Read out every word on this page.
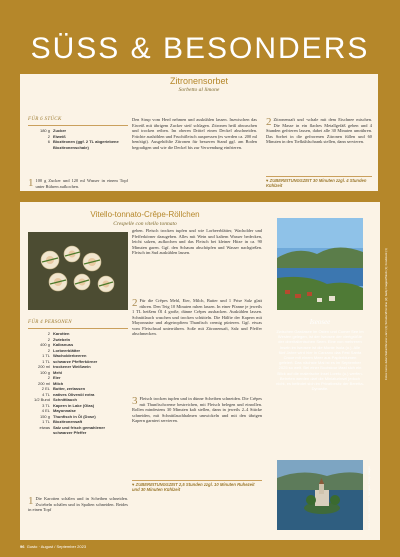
SÜSS & BESONDERS
Zitronensorbet
Sorbetto al limone
FÜR 6 STÜCK
180 g Zucker
2 Eiweiß
6 Biozitronen (ggf. 2 TL abgeriebene Biozitronenschale)
1 100 g Zucker und 120 ml Wasser in einem Topf unter Rühren aufkochen.
Den Sirup vom Herd nehmen und auskühlen lassen. Inzwischen das Eiweiß mit übrigem Zucker steif schlagen. Zitronen heiß abwaschen und trocken reiben. Im oberen Drittel einen Deckel abschneiden. Früchte aushöhlen und Fruchtfleisch auspressen (es werden ca. 200 ml benötigt). Ausgehöhlte Zitronen für besseren Stand ggf. am Boden begradigen und wie die Deckel bis zur Verwendung einfrieren.
2 Zitronensaft und -schale mit dem Eischnee mischen. Die Masse in ein flaches Metallgefäß geben und 4 Stunden gefrieren lassen, dabei alle 30 Minuten umrühren. Das Sorbet in die gefrorenen Zitronen füllen und 60 Minuten in den Tiefkühlschrank stellen, dann servieren.
♥ ZUBEREITUNGSZEIT 30 Minuten zzgl. 4 Stunden Kühlzeit
Vitello-tonnato-Crêpe-Röllchen
Crespelle con vitello tonnato
FÜR 4 PERSONEN
2 Karotten
2 Zwiebeln
400 g Kalbsnuss
2 Lorbeerblätter
1 TL Wacholderbeeren
1 TL schwarze Pfefferkörner
200 ml trockener Weißwein
100 g Mehl
2 Eier
200 ml Milch
2 EL Butter, zerlassen
4 TL natives Olivenöl extra
1/2 Bund Schnittlauch
3 TL Kapern in Lake (Glas)
4 EL Mayonnaise
150 g Thunfisch in Öl (Dose)
1 TL Biozitronensaft
etwas Salz und frisch gemahlener schwarzer Pfeffer
1 Die Karotten schälen und in Scheiben schneiden. Zwiebeln schälen und in Spalten schneiden. Beides in einen Topf
geben. Fleisch trocken tupfen und wie Lorbeerblätter, Wacholder und Pfefferkörner dazugeben. Alles mit Wein und kaltem Wasser bedecken, leicht salzen, aufkochen und das Fleisch bei kleiner Hitze in ca. 90 Minuten garen. Ggf. den Schaum abschöpfen und Wasser nachgießen. Fleisch im Sud auskühlen lassen.
2 Für die Crêpes Mehl, Eier, Milch, Butter und 1 Prise Salz glatt rühren. Den Teig 10 Minuten ruhen lassen. In einer Pfanne je jeweils 1 TL heißem Öl 4 große, dünne Crêpes ausbacken. Auskühlen lassen. Schnittlauch waschen und trocken schütteln. Die Hälfte der Kapern mit Mayonnaise und abgetropftem Thunfisch cremig pürieren. Ggf. etwas vom Fleischsud unterrühren. Soße mit Zitronensaft, Salz und Pfeffer abschmecken.
3 Fleisch trocken tupfen und in dünne Scheiben schneiden. Die Crêpes mit Thunfischcreme bestreichen, mit Fleisch belegen und einrollen. Rollen mindestens 30 Minuten kalt stellen, dann in jeweils 2–4 Stücke schneiden, mit Schnittlauchhalmen umwickeln und mit den übrigen Kapern garniert servieren.
♥ ZUBEREITUNGSZEIT 2,5 Stunden zzgl. 10 Minuten Ruhezeit und 30 Minuten Kühlzeit
Iseosee
Zwischen Gardasee im Osten und Comer See im Westen gelegen, ist der Iseosee der viertgrößte der oberitalienischen Seen. Eine von mehreren Inseln im Iseosee ist die Monte Isola (o.). Alle fünf Jahre wird hier in Carzano das Fest Santa Croce mit einem Meer aus Papierblumen gefeiert. Das nächste Mal ist es im September 2025 so weit. Bei einer Bootstour lässt sich ein Blick auf die malerische Insel Loreto (u.) werfen. Betreten werden darf die Miniaturinsel jedoch nicht, es befindet sich im Privatbesitz der Beretta-Dynastie.
Fotos: kemo Julian Siebert/Gruner+Jahr (4); Schubert/F1online (2); Getty Images/iStock (1); Foodstock (1)
Fotos: Loreto Island Fotos: Sarajevo Trump Images
96 Gusto · August / September 2023
